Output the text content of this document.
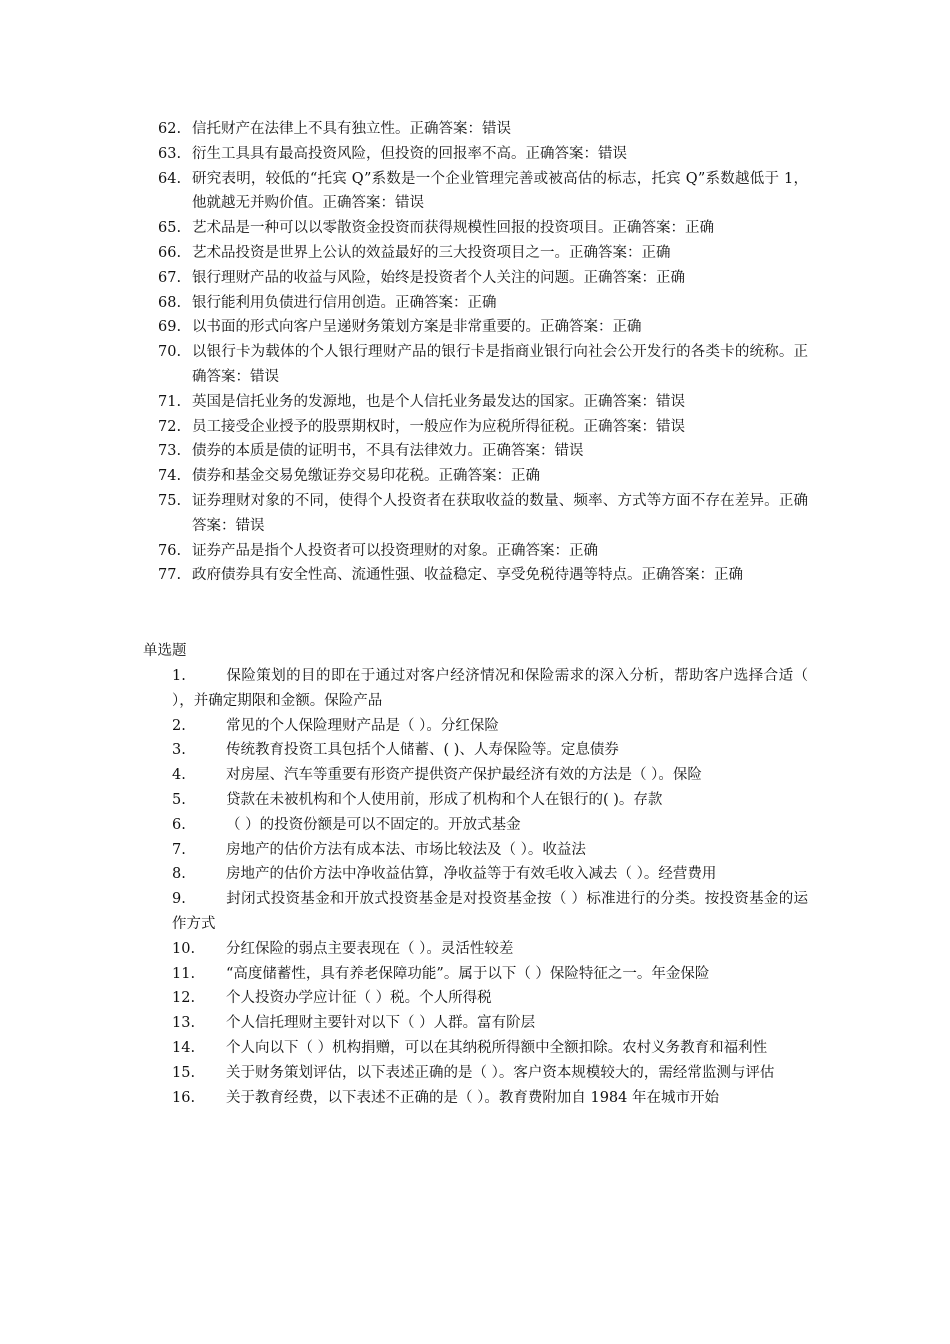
62. 信托财产在法律上不具有独立性。正确答案：错误
63. 衍生工具具有最高投资风险，但投资的回报率不高。正确答案：错误
64. 研究表明，较低的“托宾 Q”系数是一个企业管理完善或被高估的标志，托宾 Q”系数越低于 1，他就越无并购价值。正确答案：错误
65. 艺术品是一种可以以零散资金投资而获得规模性回报的投资项目。正确答案：正确
66. 艺术品投资是世界上公认的效益最好的三大投资项目之一。正确答案：正确
67. 银行理财产品的收益与风险，始终是投资者个人关注的问题。正确答案：正确
68. 银行能利用负债进行信用创造。正确答案：正确
69. 以书面的形式向客户呈递财务策划方案是非常重要的。正确答案：正确
70. 以银行卡为载体的个人银行理财产品的银行卡是指商业银行向社会公开发行的各类卡的统称。正确答案：错误
71. 英国是信托业务的发源地，也是个人信托业务最发达的国家。正确答案：错误
72. 员工接受企业授予的股票期权时，一般应作为应税所得征税。正确答案：错误
73. 债券的本质是债的证明书，不具有法律效力。正确答案：错误
74. 债券和基金交易免缴证券交易印花税。正确答案：正确
75. 证券理财对象的不同，使得个人投资者在获取收益的数量、频率、方式等方面不存在差异。正确答案：错误
76. 证券产品是指个人投资者可以投资理财的对象。正确答案：正确
77. 政府债券具有安全性高、流通性强、收益稳定、享受免税待遇等特点。正确答案：正确
单选题
1.	保险策划的目的即在于通过对客户经济情况和保险需求的深入分析，帮助客户选择合适（ ），并确定期限和金额。保险产品
2.	常见的个人保险理财产品是（ ）。分红保险
3.	传统教育投资工具包括个人储蓄、( )、人寿保险等。定息债券
4.	对房屋、汽车等重要有形资产提供资产保护最经济有效的方法是（ ）。保险
5.	贷款在未被机构和个人使用前，形成了机构和个人在银行的( )。存款
6.	（ ）的投资份额是可以不固定的。开放式基金
7.	房地产的估价方法有成本法、市场比较法及（ ）。收益法
8.	房地产的估价方法中净收益估算，净收益等于有效毛收入减去（ ）。经营费用
9.	封闭式投资基金和开放式投资基金是对投资基金按（ ）标准进行的分类。按投资基金的运作方式
10. 分红保险的弱点主要表现在（ ）。灵活性较差
11. “高度储蓄性，具有养老保障功能”。属于以下（ ）保险特征之一。年金保险
12. 个人投资办学应计征（ ）税。个人所得税
13. 个人信托理财主要针对以下（ ）人群。富有阶层
14. 个人向以下（ ）机构捐赠，可以在其纳税所得额中全额扣除。农村义务教育和福利性
15. 关于财务策划评估，以下表述正确的是（ ）。客户资本规模较大的，需经常监测与评估
16. 关于教育经费，以下表述不正确的是（ ）。教育费附加自 1984 年在城市开始
